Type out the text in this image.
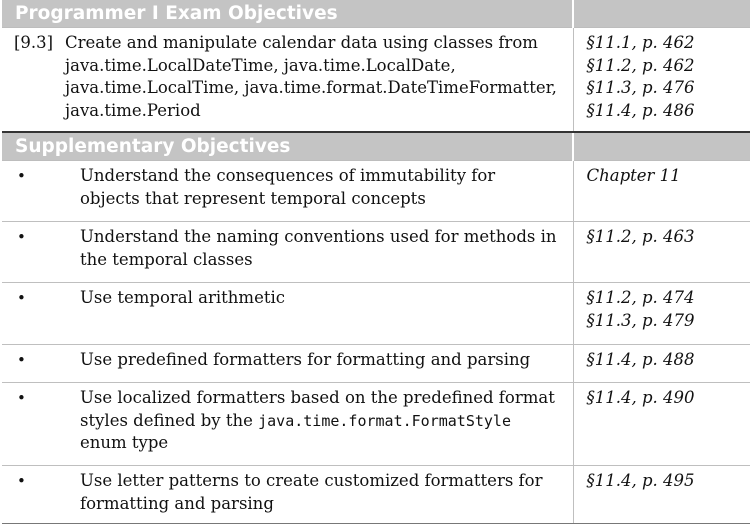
Programmer I Exam Objectives	

[9.3] Create and manipulate calendar data using classes from java.time.LocalDateTime, java.time.LocalDate, java.time.LocalTime, java.time.format.DateTimeFormatter, java.time.Period	§11.1, p. 462
§11.2, p. 462
§11.3, p. 476
§11.4, p. 486

Supplementary Objectives	

• Understand the consequences of immutability for objects that represent temporal concepts	Chapter 11

• Understand the naming conventions used for methods in the temporal classes	§11.2, p. 463

• Use temporal arithmetic	§11.2, p. 474
§11.3, p. 479

• Use predefined formatters for formatting and parsing	§11.4, p. 488

• Use localized formatters based on the predefined format styles defined by the java.time.format.FormatStyle enum type	§11.4, p. 490

• Use letter patterns to create customized formatters for formatting and parsing	§11.4, p. 495
